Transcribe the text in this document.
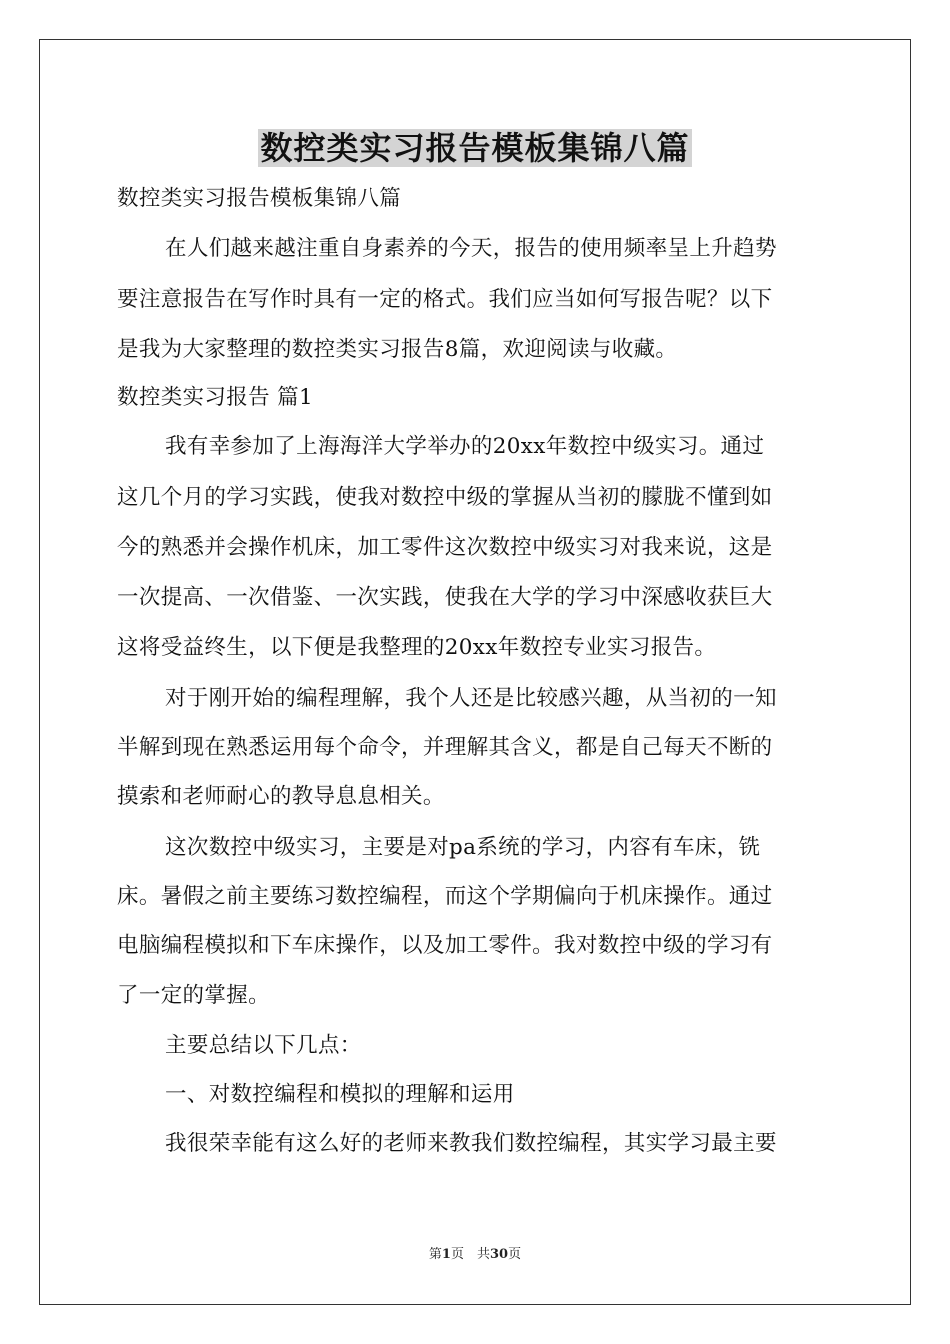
数控类实习报告模板集锦八篇

数控类实习报告模板集锦八篇

在人们越来越注重自身素养的今天，报告的使用频率呈上升趋势

要注意报告在写作时具有一定的格式。我们应当如何写报告呢？以下

是我为大家整理的数控类实习报告8篇，欢迎阅读与收藏。

数控类实习报告 篇1

我有幸参加了上海海洋大学举办的20xx年数控中级实习。通过

这几个月的学习实践，使我对数控中级的掌握从当初的朦胧不懂到如

今的熟悉并会操作机床，加工零件这次数控中级实习对我来说，这是

一次提高、一次借鉴、一次实践，使我在大学的学习中深感收获巨大

这将受益终生，以下便是我整理的20xx年数控专业实习报告。

对于刚开始的编程理解，我个人还是比较感兴趣，从当初的一知

半解到现在熟悉运用每个命令，并理解其含义，都是自己每天不断的

摸索和老师耐心的教导息息相关。

这次数控中级实习，主要是对pa系统的学习，内容有车床，铣

床。暑假之前主要练习数控编程，而这个学期偏向于机床操作。通过

电脑编程模拟和下车床操作，以及加工零件。我对数控中级的学习有

了一定的掌握。

主要总结以下几点：

一、对数控编程和模拟的理解和运用

我很荣幸能有这么好的老师来教我们数控编程，其实学习最主要

第1页　共30页
